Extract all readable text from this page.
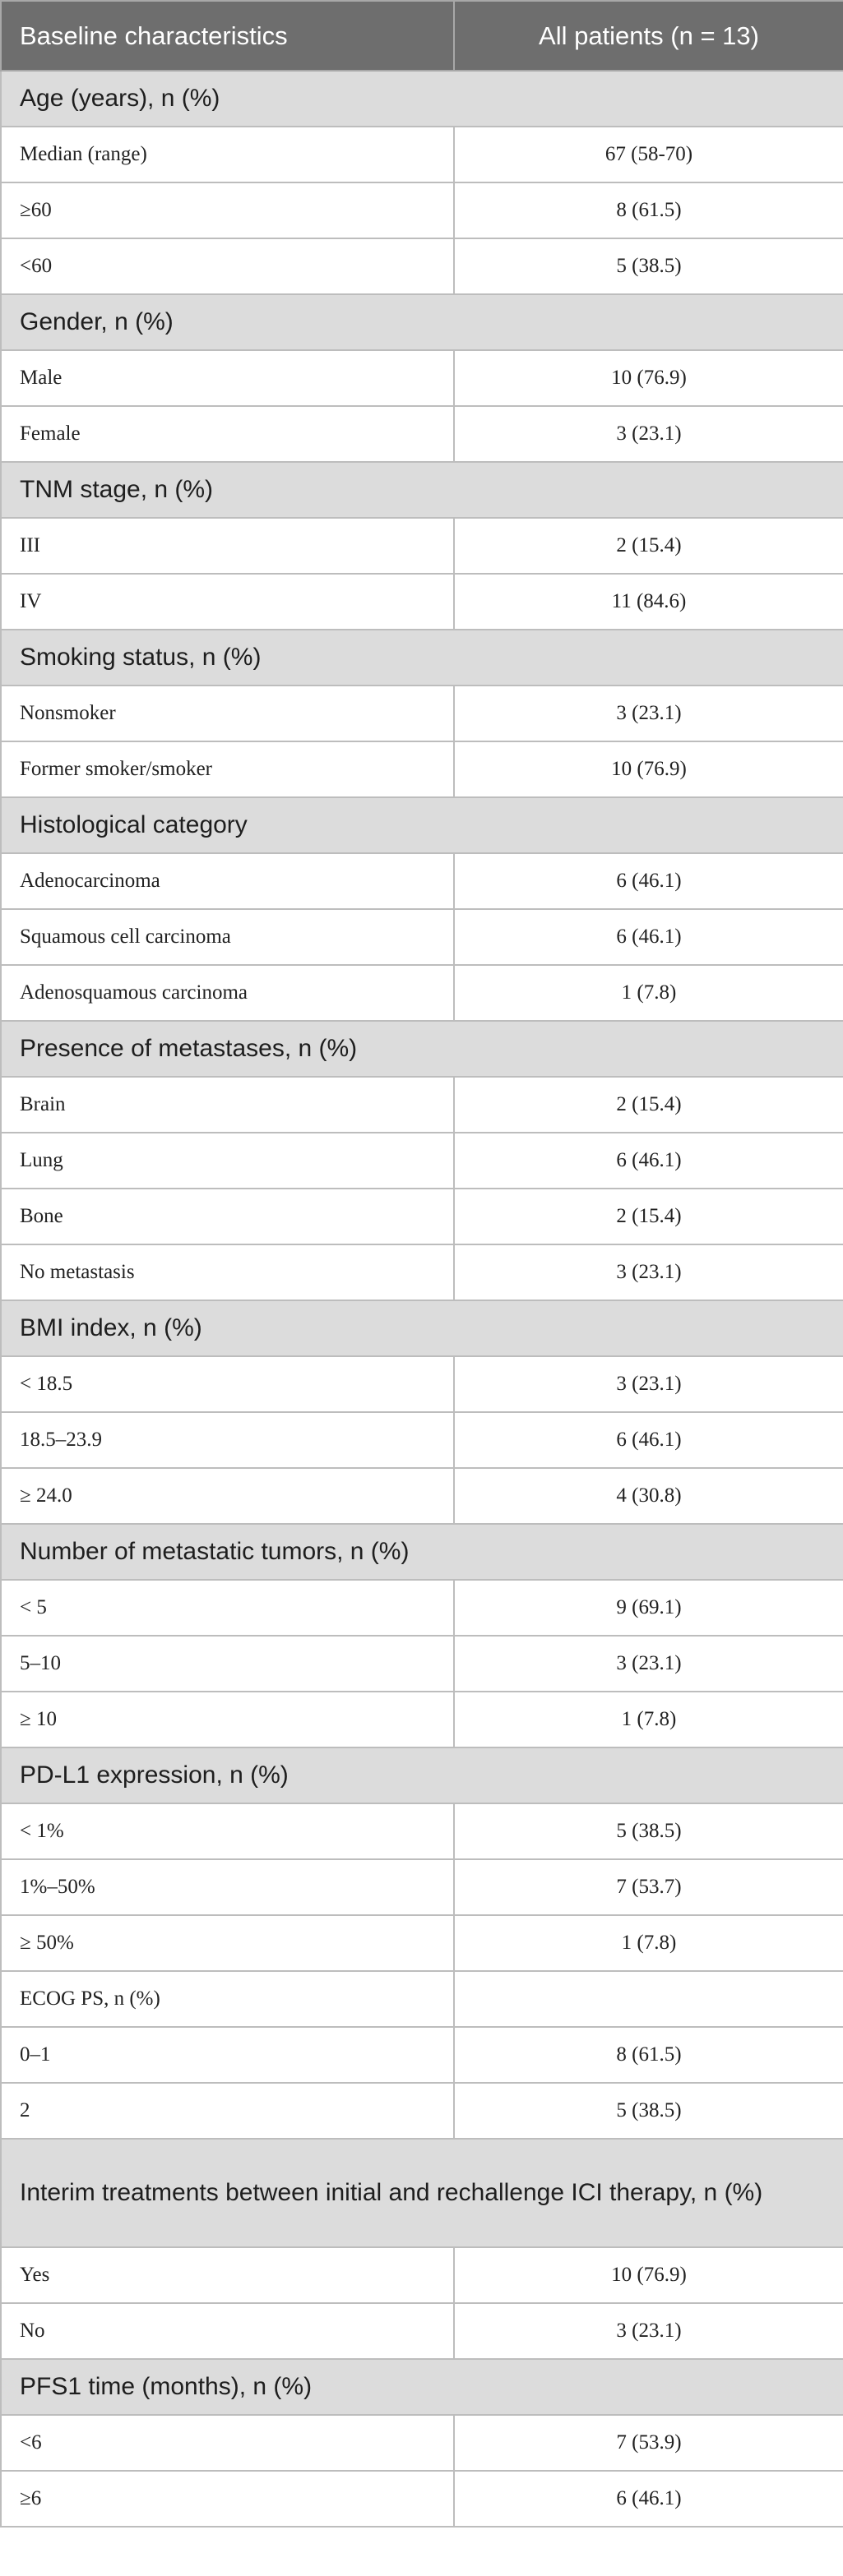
Baseline characteristics	All patients (n = 13)
Age (years), n (%)	
Median (range)	67 (58-70)
≥60	8 (61.5)
<60	5 (38.5)
Gender, n (%)	
Male	10 (76.9)
Female	3 (23.1)
TNM stage, n (%)	
III	2 (15.4)
IV	11 (84.6)
Smoking status, n (%)	
Nonsmoker	3 (23.1)
Former smoker/smoker	10 (76.9)
Histological category	
Adenocarcinoma	6 (46.1)
Squamous cell carcinoma	6 (46.1)
Adenosquamous carcinoma	1 (7.8)
Presence of metastases, n (%)	
Brain	2 (15.4)
Lung	6 (46.1)
Bone	2 (15.4)
No metastasis	3 (23.1)
BMI index, n (%)	
< 18.5	3 (23.1)
18.5–23.9	6 (46.1)
≥ 24.0	4 (30.8)
Number of metastatic tumors, n (%)	
< 5	9 (69.1)
5–10	3 (23.1)
≥ 10	1 (7.8)
PD-L1 expression, n (%)	
< 1%	5 (38.5)
1%–50%	7 (53.7)
≥ 50%	1 (7.8)
ECOG PS, n (%)	
0–1	8 (61.5)
2	5 (38.5)
Interim treatments between initial and rechallenge ICI therapy, n (%)	
Yes	10 (76.9)
No	3 (23.1)
PFS1 time (months), n (%)	
<6	7 (53.9)
≥6	6 (46.1)
